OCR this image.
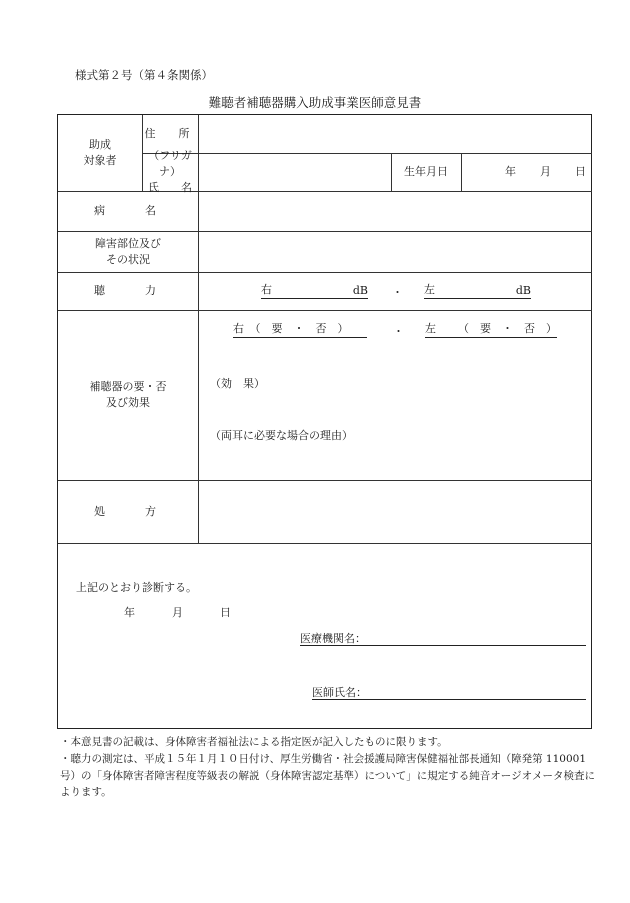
様式第２号（第４条関係）
難聴者補聴器購入助成事業医師意見書
助成
対象者
住　所
（フリガナ）
氏　　名
生年月日	年 月 日
病　　名
障害部位及び
その状況
聴　　力	右	dB ・ 左	dB
補聴器の要・否
及び効果
右　（　要　・　否　）	・ 左 （　要　・　否　）
（効　果）
（両耳に必要な場合の理由）
処　　方
上記のとおり診断する。
年	月	日
医療機関名：
医師氏名：

・本意見書の記載は、身体障害者福祉法による指定医が記入したものに限ります。

・聴力の測定は、平成１５年１月１０日付け、厚生労働省・社会援護局障害保健福祉部長通知（障発第 110001 号）の「身体障害者障害程度等級表の解説（身体障害認定基準）について」に規定する純音オージオメータ検査によります。
